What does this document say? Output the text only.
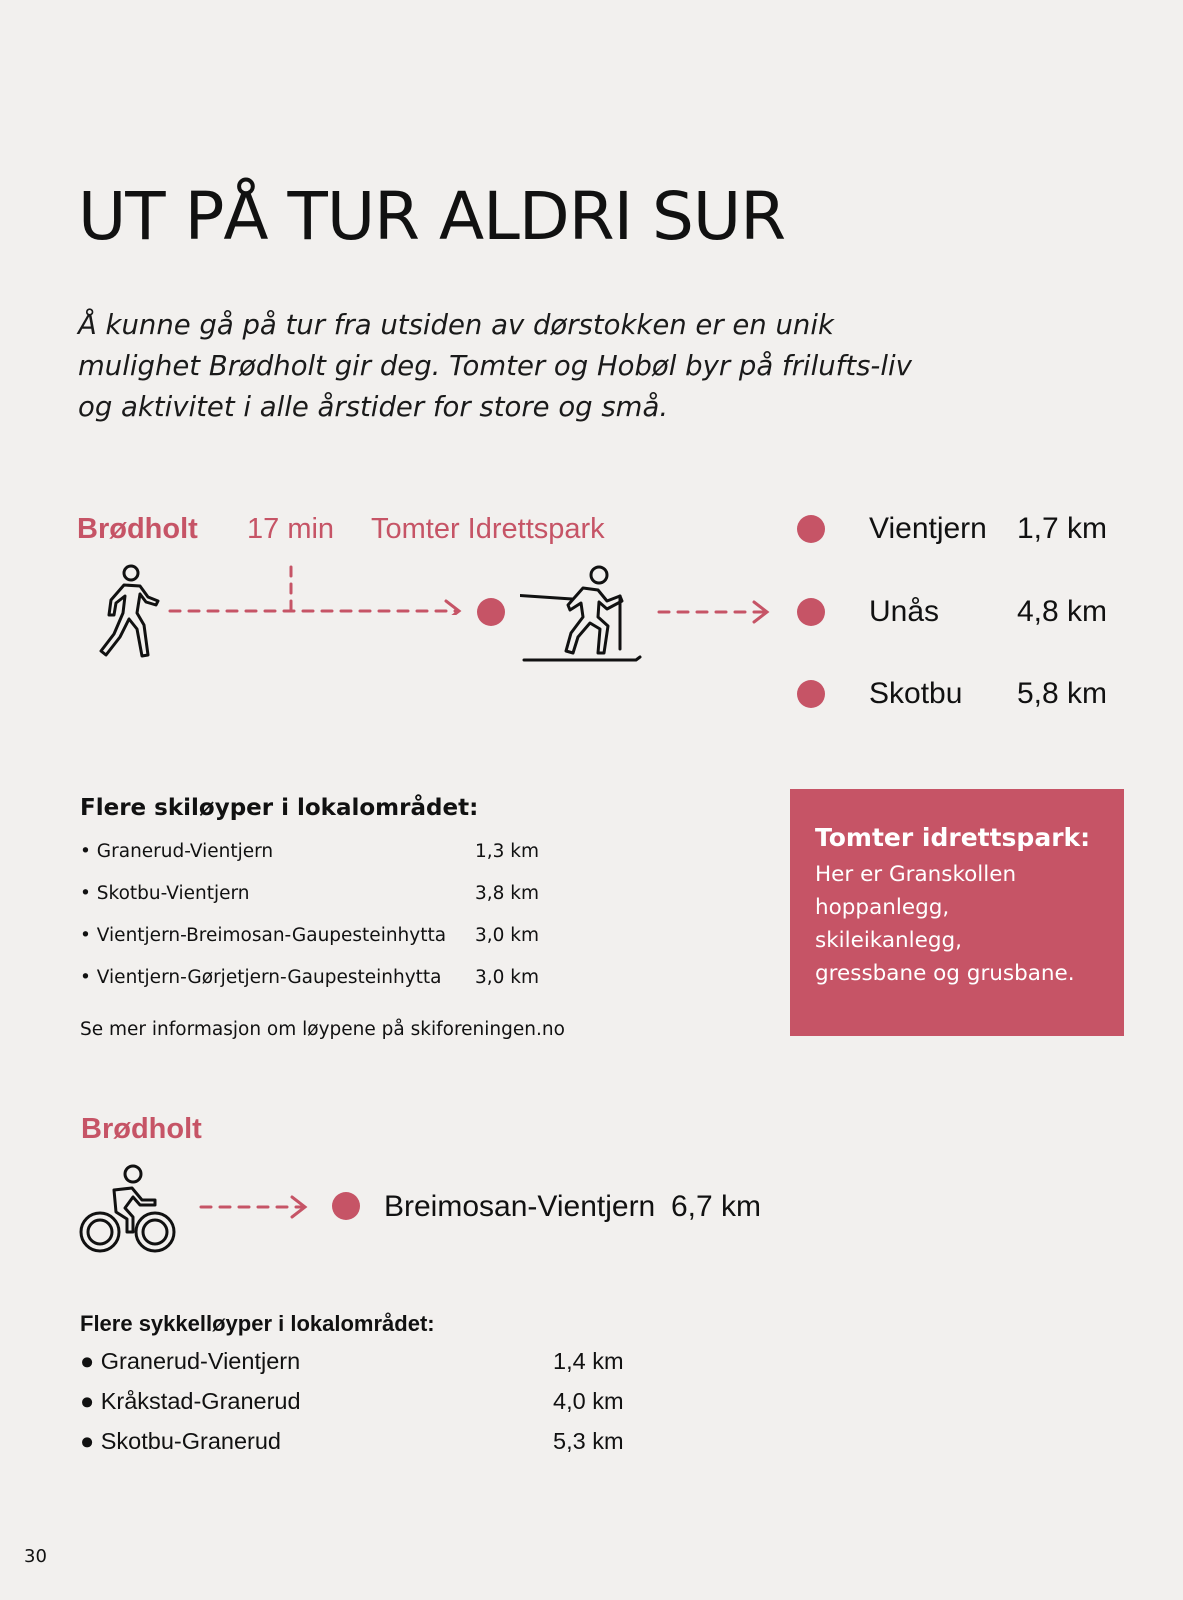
UT PÅ TUR ALDRI SUR

Å kunne gå på tur fra utsiden av dørstokken er en unik mulighet Brødholt gir deg. Tomter og Hobøl byr på frilufts-liv og aktivitet i alle årstider for store og små.

Brødholt 17 min Tomter Idrettspark	Vientjern	1,7 km
Unås	4,8 km
Skotbu	5,8 km
Flere skiløyper i lokalområdet:
• Granerud-Vientjern	1,3 km
• Skotbu-Vientjern	3,8 km
• Vientjern-Breimosan-Gaupesteinhytta 3,0 km
• Vientjern-Gørjetjern-Gaupesteinhytta 3,0 km
Se mer informasjon om løypene på skiforeningen.no
Tomter idrettspark:
Her er Granskollen
hoppanlegg,
skileikanlegg,
gressbane og grusbane.
Brødholt
Breimosan-Vientjern 6,7 km
Flere sykkelløyper i lokalområdet:
● Granerud-Vientjern	1,4 km
● Kråkstad-Granerud	4,0 km
● Skotbu-Granerud	5,3 km
30
